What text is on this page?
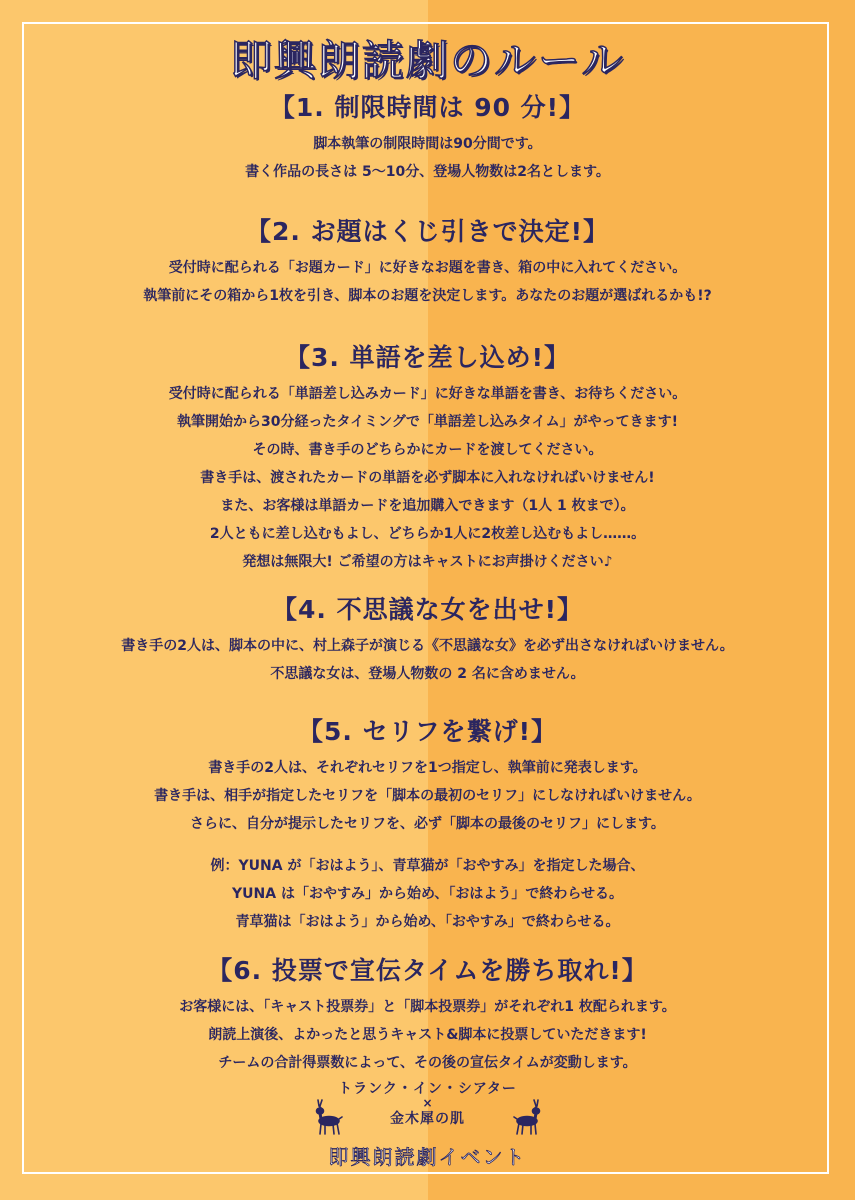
即興朗読劇のルール
【1. 制限時間は 90 分!】
脚本執筆の制限時間は90分間です。
書く作品の長さは 5〜10分、登場人物数は2名とします。
【2. お題はくじ引きで決定!】
受付時に配られる「お題カード」に好きなお題を書き、箱の中に入れてください。
執筆前にその箱から1枚を引き、脚本のお題を決定します。あなたのお題が選ばれるかも!?
【3. 単語を差し込め!】
受付時に配られる「単語差し込みカード」に好きな単語を書き、お待ちください。
執筆開始から30分経ったタイミングで「単語差し込みタイム」がやってきます!
その時、書き手のどちらかにカードを渡してください。
書き手は、渡されたカードの単語を必ず脚本に入れなければいけません!
また、お客様は単語カードを追加購入できます（1人 1 枚まで）。
2人ともに差し込むもよし、どちらか1人に2枚差し込むもよし……。
発想は無限大! ご希望の方はキャストにお声掛けください♪
【4. 不思議な女を出せ!】
書き手の2人は、脚本の中に、村上森子が演じる《不思議な女》を必ず出さなければいけません。
不思議な女は、登場人物数の 2 名に含めません。
【5. セリフを繋げ!】
書き手の2人は、それぞれセリフを1つ指定し、執筆前に発表します。
書き手は、相手が指定したセリフを「脚本の最初のセリフ」にしなければいけません。
さらに、自分が提示したセリフを、必ず「脚本の最後のセリフ」にします。
例：YUNA が「おはよう」、青草猫が「おやすみ」を指定した場合、
YUNA は「おやすみ」から始め、「おはよう」で終わらせる。
青草猫は「おはよう」から始め、「おやすみ」で終わらせる。
【6. 投票で宣伝タイムを勝ち取れ!】
お客様には、「キャスト投票券」と「脚本投票券」がそれぞれ1 枚配られます。
朗読上演後、よかったと思うキャスト&脚本に投票していただきます!
チームの合計得票数によって、その後の宣伝タイムが変動します。
トランク・イン・シアター
×
金木犀の肌
即興朗読劇イベント
